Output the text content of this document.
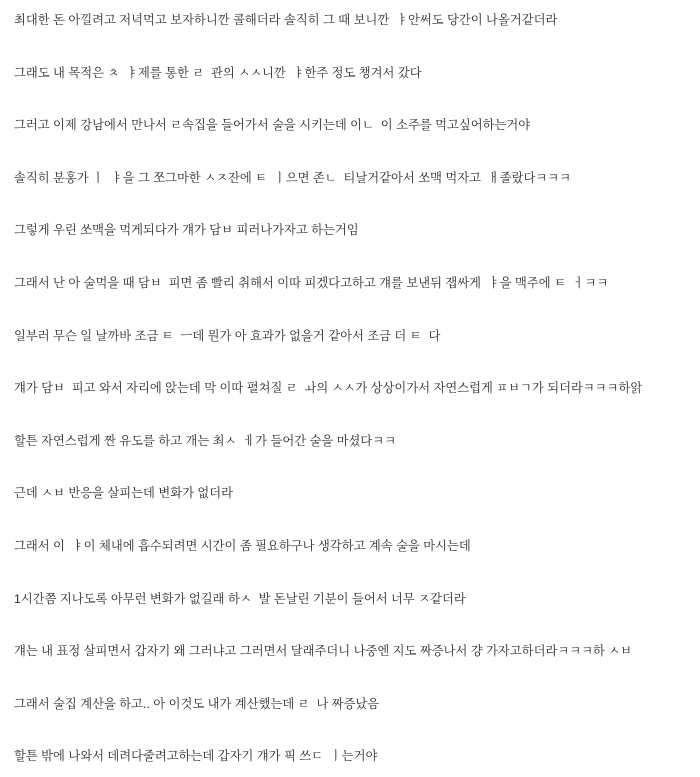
최대한 돈 아낄려고 저녁먹고 보자하니깐 콜해더라 솔직히 그 때 보니깐  ㅑ안써도 당간이 나올거같더라

그래도 내 목적은 ㅊ  ㅑ제를 통한 ㄹ  관의 ㅅㅅ니깐  ㅑ한주 정도 챙겨서 갔다

그러고 이제 강남에서 만나서 ㄹ속집을 들어가서 술을 시키는데 이ㄴ  이 소주를 먹고싶어하는거야

솔직히 분홍가 ㅣ  ㅑ을 그 쪼그마한 ㅅㅈ잔에 ㅌ  ㅣ으면 존ㄴ  티날거같아서 쏘맥 먹자고  ㅐ졸랐다ㅋㅋㅋ

그렇게 우린 쏘맥을 먹게되다가 걔가 담ㅂ 피러나가자고 하는거임

그래서 난 아 술먹을 때 담ㅂ  피면 좀 빨리 취해서 이따 피겠다고하고 걔를 보낸뒤 잽싸게  ㅑ을 맥주에 ㅌ  ㅓㅋㅋ

일부러 무슨 일 날까바 조금 ㅌ  ㅡ데 뭔가 아 효과가 없을거 같아서 조금 더 ㅌ  다

걔가 담ㅂ  피고 와서 자리에 앉는데 막 이따 펼쳐질 ㄹ  ㅘ의 ㅅㅅ가 상상이가서 자연스럽게 ㅍㅂㄱ가 되더라ㅋㅋㅋ하앍

할튼 자연스럽게 짠 유도를 하고 개는 최ㅅ  ㅔ가 들어간 술을 마셨다ㅋㅋ

근데 ㅅㅂ 반응을 살피는데 변화가 없더라

그래서 이  ㅑ이 체내에 흡수되려면 시간이 좀 필요하구나 생각하고 계속 술을 마시는데

1시간쯤 지나도록 아무런 변화가 없길래 하ㅅ  발 돈날린 기분이 들어서 너무 ㅈ같더라

걔는 내 표정 살피면서 갑자기 왜 그러냐고 그러면서 달래주더니 나중엔 지도 짜증나서 걍 가자고하더라ㅋㅋㅋ하 ㅅㅂ

그래서 술집 계산을 하고.. 아 이것도 내가 계산했는데 ㄹ  나 짜증났음

할튼 밖에 나와서 데려다줄려고하는데 갑자기 걔가 픽 쓰ㄷ  ㅣ는거야
